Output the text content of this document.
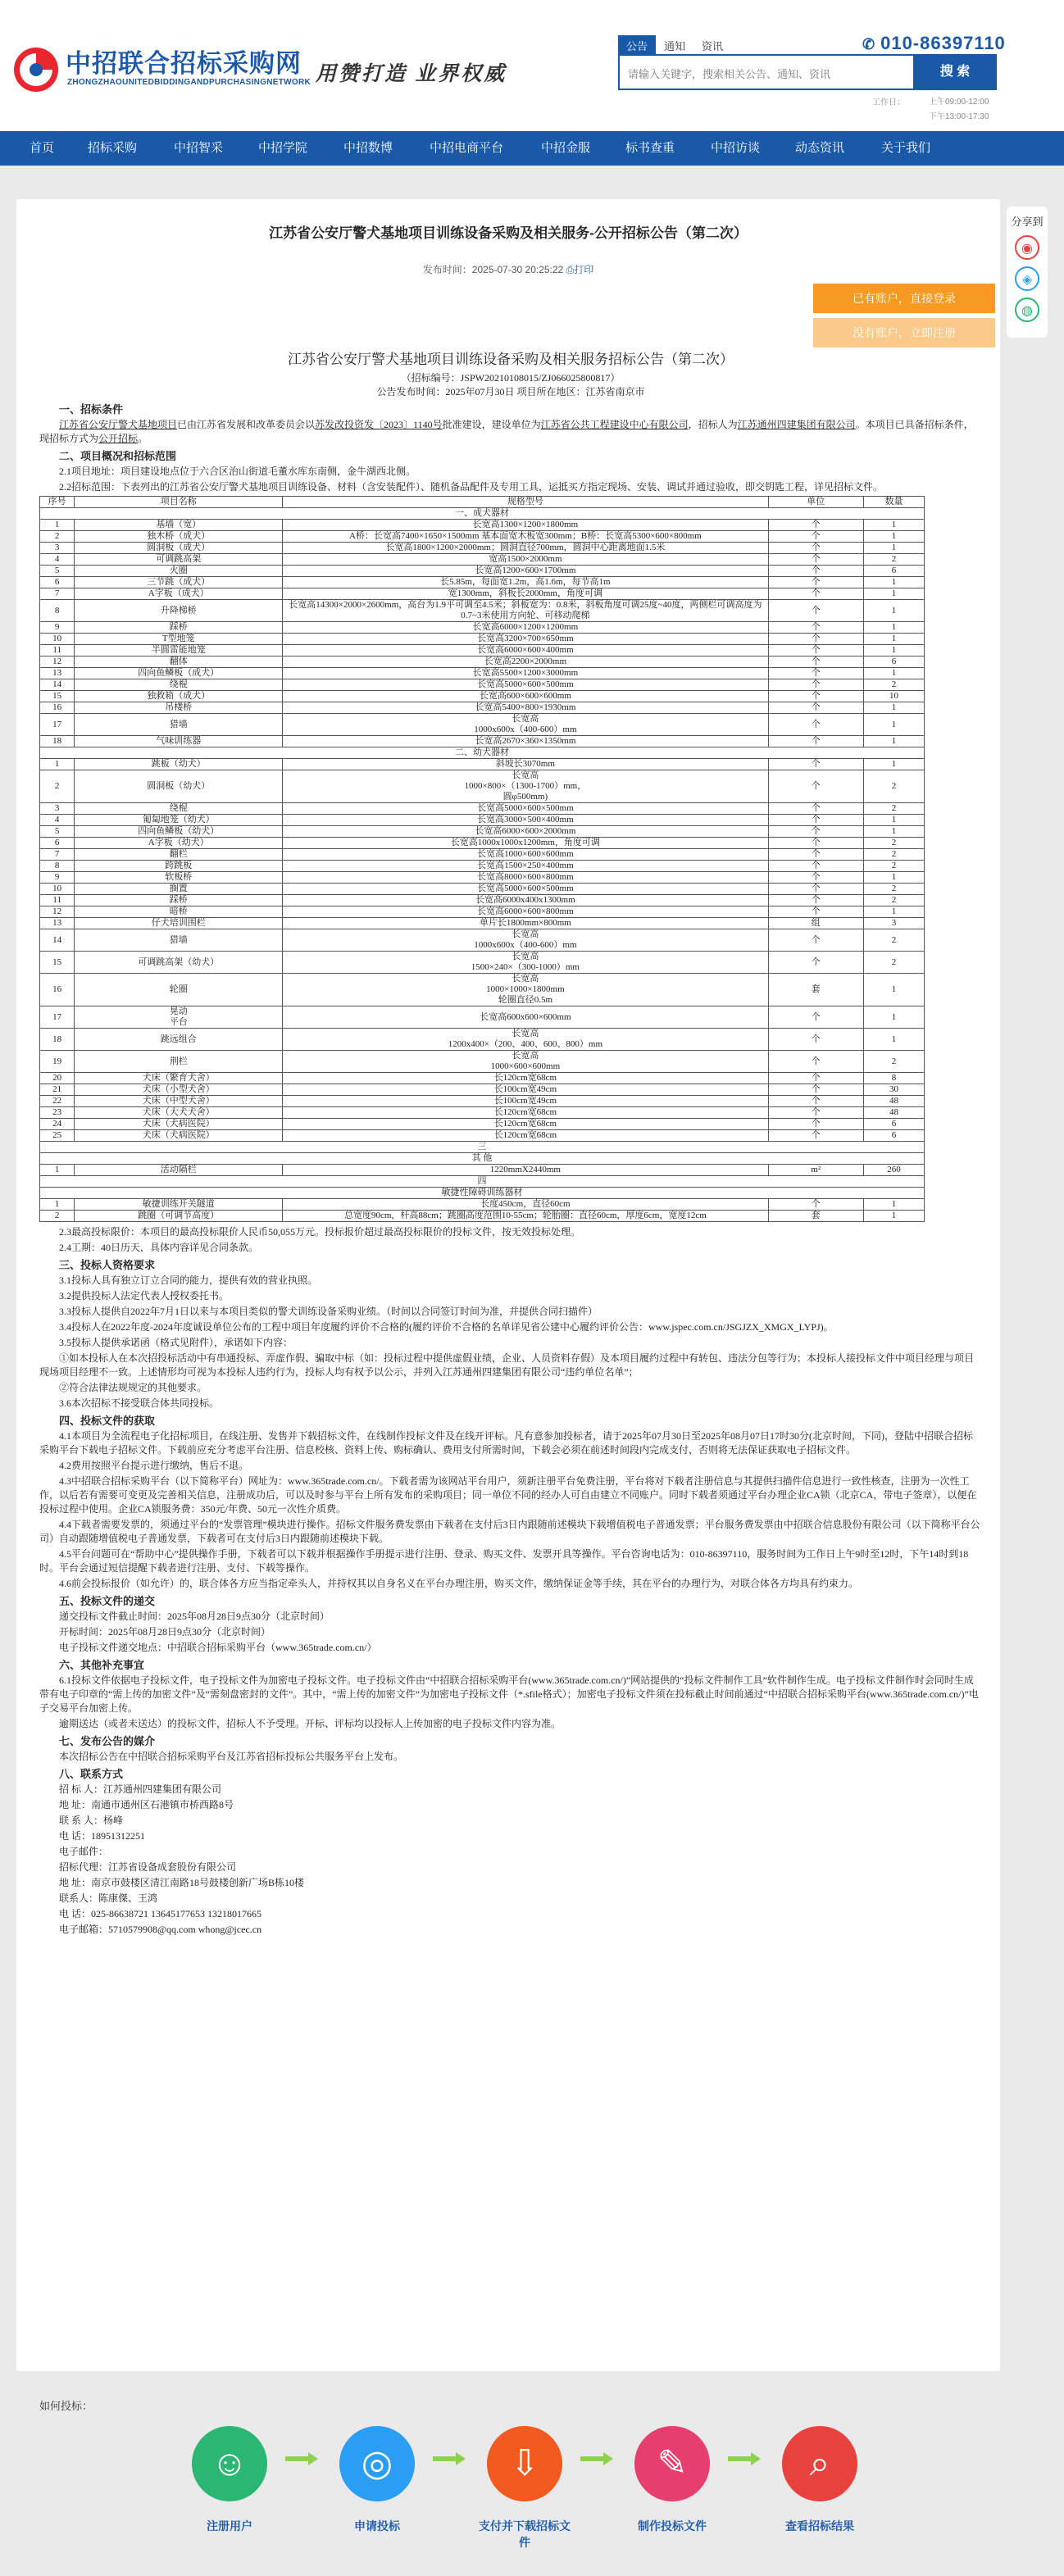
中招联合招标采购网
ZHONGZHAOUNITEDBIDDINGANDPURCHASINGNETWORK 用赞打造 业界权威
公告 通知 资讯	✆ 010-86397110
请输入关键字，搜索相关公告、通知、资讯	搜 索
工作日：	上午09:00-12:00
下午13:00-17:30
首页	招标采购	中招智采	中招学院	中招数博	中招电商平台	中招金服	标书查重	中招访谈	动态资讯	关于我们
分享到
◉
◈
◍
江苏省公安厅警犬基地项目训练设备采购及相关服务-公开招标公告（第二次）
发布时间：2025-07-30 20:25:22 ⎙打印
已有账户，直接登录
没有账户，立即注册
江苏省公安厅警犬基地项目训练设备采购及相关服务招标公告（第二次）
（招标编号：JSPW20210108015/ZJ066025800817）
公告发布时间：2025年07月30日 项目所在地区：江苏省南京市
一、招标条件

江苏省公安厅警犬基地项目已由江苏省发展和改革委员会以苏发改投资发〔2023〕1140号批准建设，建设单位为江苏省公共工程建设中心有限公司，招标人为江苏通州四建集团有限公司。本项目已具备招标条件，现招标方式为公开招标。

二、项目概况和招标范围

2.1项目地址：项目建设地点位于六合区治山街道毛董水库东南侧，金牛湖西北侧。

2.2招标范围：下表列出的江苏省公安厅警犬基地项目训练设备、材料（含安装配件）、随机备品配件及专用工具，运抵买方指定现场、安装、调试并通过验收，即交钥匙工程，详见招标文件。

序号	项目名称	规格型号	单位	数量
一、成犬器材				
1	基墙（宽）	长宽高1300×1200×1800mm	个	1
2	独木桥（成犬）	A桥：长宽高7400×1650×1500mm 基本面宽木板宽300mm；B桥：长宽高5300×600×800mm	个	1
3	圆洞板（成犬）	长宽高1800×1200×2000mm；圆洞直径700mm，圆洞中心距离地面1.5米	个	1
4	可调跳高架	宽高1500×2000mm	个	2
5	火圈	长宽高1200×600×1700mm	个	6
6	三节跳（成犬）	长5.85m，每面宽1.2m，高1.6m，每节高1m	个	1
7	A字板（成犬）	宽1300mm，斜板长2000mm，角度可调	个	1
8	升降梯桥	长宽高14300×2000×2600mm，高台为1.9平可调至4.5米；斜板宽为：0.8米，斜板角度可调25度~40度，两侧栏可调高度为0.7~3米使用方向轮、可移动爬梯	个	1
9	踩桥	长宽高6000×1200×1200mm	个	1
10	T型地笼	长宽高3200×700×650mm	个	1
11	半圆雷能地笼	长宽高6000×600×400mm	个	1
12	翻体	长宽高2200×2000mm	个	6
13	四向鱼鳞板（成犬）	长宽高5500×1200×3000mm	个	1
14	绕棍	长宽高5000×600×500mm	个	2
15	独救箱（成犬）	长宽高600×600×600mm	个	10
16	吊楼桥	长宽高5400×800×1930mm	个	1
17	猎墙	长宽高
1000x600x（400-600）mm	个	1
18	气味训练器	长宽高2670×360×1350mm	个	1
二、幼犬器材				
1	跳板（幼犬）	斜坡长3070mm	个	1
2	圆洞板（幼犬）	长宽高
1000×800×（1300-1700）mm，
圆φ500mm)	个	2
3	绕棍	长宽高5000×600×500mm	个	2
4	匍匐地笼（幼犬）	长宽高3000×500×400mm	个	1
5	四向鱼鳞板（幼犬）	长宽高6000×600×2000mm	个	1
6	A字板（幼犬）	长宽高1000x1000x1200mm，角度可调	个	2
7	翻栏	长宽高1000×600×600mm	个	2
8	跨跳板	长宽高1500×250×400mm	个	2
9	软板桥	长宽高8000×600×800mm	个	1
10	搁置	长宽高5000×600×500mm	个	2
11	踩桥	长宽高6000x400x1300mm	个	2
12	暗桥	长宽高6000×600×800mm	个	1
13	仔犬培训围栏	单片长1800mm×800mm	组	3
14	猎墙	长宽高
1000x600x（400-600）mm	个	2
15	可调跳高架（幼犬）	长宽高
1500×240×（300-1000）mm	个	2
16	轮圈	长宽高
1000×1000×1800mm
轮圈直径0.5m	套	1
17	晃动
平台	长宽高600x600×600mm	个	1
18	跳远组合	长宽高
1200x400×（200、400、600、800）mm	个	1
19	荆栏	长宽高
1000×600×600mm	个	2
20	犬床（繁育犬舍）	长120cm宽68cm	个	8
21	犬床（小型犬舍）	长100cm宽49cm	个	30
22	犬床（中型犬舍）	长100cm宽49cm	个	48
23	犬床（大犬犬舍）	长120cm宽68cm	个	48
24	犬床（犬病医院）	长120cm宽68cm	个	6
25	犬床（犬病医院）	长120cm宽68cm	个	6
三				
其 他				
1	活动隔栏	1220mmX2440mm	m²	260
四				
敏捷性障碍训练器材				
1	敏捷训练开关隧道	长度450cm，直径60cm	个	1
2	跳圈（可调节高度）	总宽度90cm，杆高88cm；跳圈高度范围10-55cm；轮胎圈：直径60cm，厚度6cm，宽度12cm	套	1

2.3最高投标限价：本项目的最高投标限价人民币50,055万元。投标报价超过最高投标限价的投标文件，按无效投标处理。

2.4工期：40日历天，具体内容详见合同条款。

三、投标人资格要求

3.1投标人具有独立订立合同的能力，提供有效的营业执照。

3.2提供投标人法定代表人授权委托书。

3.3投标人提供自2022年7月1日以来与本项目类似的警犬训练设备采购业绩。（时间以合同签订时间为准，并提供合同扫描件）

3.4投标人在2022年度-2024年度诚设单位公布的工程中项目年度履约评价不合格的(履约评价不合格的名单详见省公建中心履约评价公告：www.jspec.com.cn/JSGJZX_XMGX_LYPJ)。

3.5投标人提供承诺函（格式见附件），承诺如下内容：

①如本投标人在本次招投标活动中有串通投标、弄虚作假、骗取中标（如：投标过程中提供虚假业绩，企业、人员资料存假）及本项目履约过程中有转包、违法分包等行为；本投标人接投标文件中项目经理与项目现场项目经理不一致。上述情形均可视为本投标人违约行为，投标人均有权予以公示，并列入江苏通州四建集团有限公司“违约单位名单”；

②符合法律法规规定的其他要求。

3.6本次招标不接受联合体共同投标。

四、投标文件的获取

4.1本项目为全流程电子化招标项目，在线注册、发售并下载招标文件，在线制作投标文件及在线开评标。凡有意参加投标者，请于2025年07月30日至2025年08月07日17时30分(北京时间，下同)，登陆中招联合招标采购平台下载电子招标文件。下载前应充分考虑平台注册、信息校核、资料上传、购标确认、费用支付所需时间，下载会必须在前述时间段内完成支付，否则将无法保证获取电子招标文件。

4.2费用按照平台提示进行缴纳，售后不退。

4.3中招联合招标采购平台（以下简称平台）网址为：www.365trade.com.cn/。下载者需为该网站平台用户，须新注册平台免费注册，平台将对下载者注册信息与其提供扫描件信息进行一致性核查，注册为一次性工作，以后若有需要可变更及完善相关信息，注册成功后，可以及时参与平台上所有发布的采购项目；同一单位不同的经办人可自由建立不同账户。同时下载者须通过平台办理企业CA锁（北京CA，带电子签章），以便在投标过程中使用。企业CA锁服务费：350元/年费、50元一次性介质费。

4.4下载者需要发票的，须通过平台的“发票管理”模块进行操作。招标文件服务费发票由下载者在支付后3日内跟随前述模块下载增值税电子普通发票；平台服务费发票由中招联合信息股份有限公司（以下简称平台公司）自动跟随增值税电子普通发票，下载者可在支付后3日内跟随前述模块下载。

4.5平台问题可在“帮助中心”提供操作手册，下载者可以下载并根据操作手册提示进行注册、登录、购买文件、发票开具等操作。平台咨询电话为：010-86397110，服务时间为工作日上午9时至12时，下午14时到18时。平台会通过短信提醒下载者进行注册、支付、下载等操作。

4.6前会投标报价（如允许）的，联合体各方应当指定牵头人，并持权其以自身名义在平台办理注册，购买文件，缴纳保证金等手续，其在平台的办理行为，对联合体各方均具有约束力。

五、投标文件的递交

递交投标文件截止时间：2025年08月28日9点30分（北京时间）

开标时间：2025年08月28日9点30分（北京时间）

电子投标文件递交地点：中招联合招标采购平台（www.365trade.com.cn/）

六、其他补充事宜

6.1投标文件依据电子投标文件，电子投标文件为加密电子投标文件。电子投标文件由“中招联合招标采购平台(www.365trade.com.cn/)”网站提供的“投标文件制作工具”软件制作生成。电子投标文件制作时会同时生成带有电子印章的“需上传的加密文件”及“需刻盘密封的文件”。其中，“需上传的加密文件”为加密电子投标文件（*.sfile格式）；加密电子投标文件须在投标截止时间前通过“中招联合招标采购平台(www.365trade.com.cn/)”电子交易平台加密上传。

逾期送达（或者未送达）的投标文件，招标人不予受理。开标、评标均以投标人上传加密的电子投标文件内容为准。

七、发布公告的媒介

本次招标公告在中招联合招标采购平台及江苏省招标投标公共服务平台上发布。

八、联系方式

招 标 人：江苏通州四建集团有限公司

地 址：南通市通州区石港镇市桥西路8号

联 系 人：杨峰

电 话：18951312251

电子邮件：

招标代理：江苏省设备成套股份有限公司

地 址：南京市鼓楼区清江南路18号鼓楼创新广场B栋10楼

联系人：陈康傑、王鸿

电 话：025-86638721 13645177653 13218017665

电子邮箱：5710579908@qq.com whong@jcec.cn

如何投标：
☺
注册用户
◎
申请投标
⇩
支付并下载招标文件
✎
制作投标文件
⌕
查看招标结果
